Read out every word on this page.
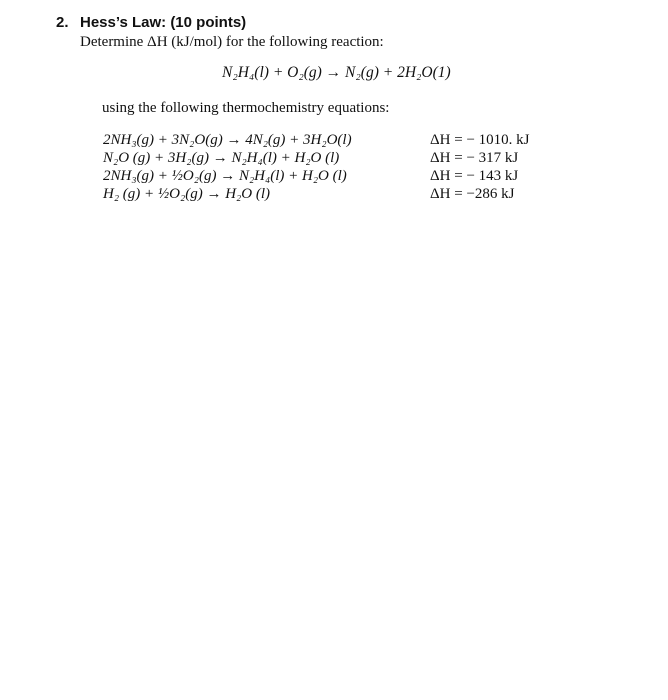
2. Hess’s Law: (10 points)
Determine ΔH (kJ/mol) for the following reaction:
N₂H₄(l) + O₂(g) → N₂(g) + 2H₂O(1)
using the following thermochemistry equations:
2NH₃(g) + 3N₂O(g) → 4N₂(g) + 3H₂O(l)	ΔH = − 1010. kJ
N₂O (g) + 3H₂(g) → N₂H₄(l) + H₂O (l)	ΔH = − 317 kJ
2NH₃(g) + ½O₂(g) → N₂H₄(l) + H₂O (l)	ΔH = − 143 kJ
H₂ (g) + ½O₂(g) → H₂O (l)	ΔH = −286 kJ
